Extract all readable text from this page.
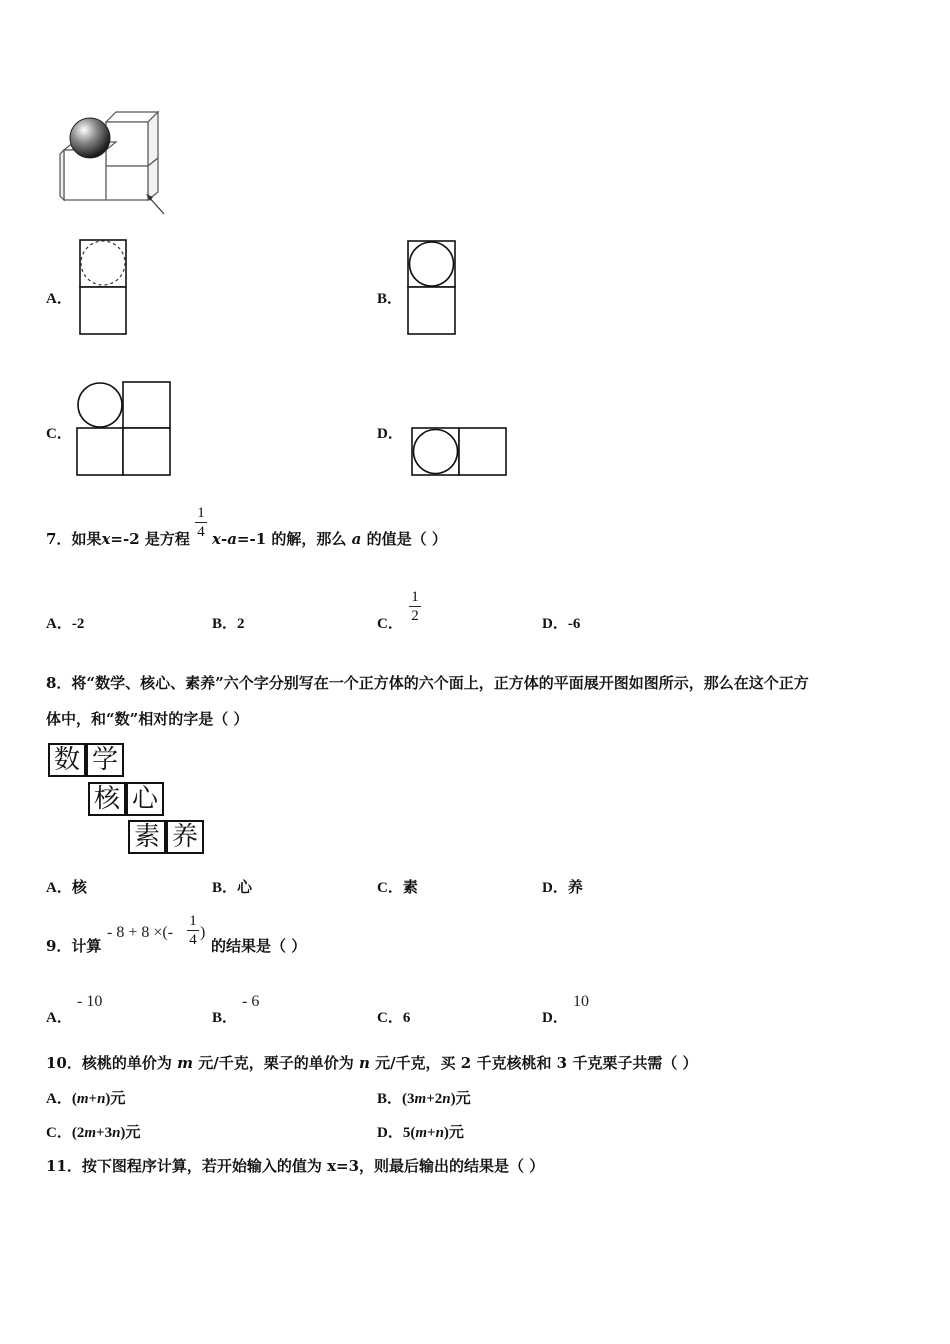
A．	B．
C．	D．
7．如果x=-2 是方程
1
4 x-a=-1 的解，那么 a 的值是（ ）
A．-2	B．2	C．
1
2	D．-6
8．将“数学、核心、素养”六个字分别写在一个正方体的六个面上，正方体的平面展开图如图所示，那么在这个正方
体中，和“数”相对的字是（ ）
数 学
核 心
素 养
A．核	B．心	C．素	D．养
9．计算
- 8 + 8 ×(-
1
4 )
的结果是（ ）
A．
- 10
B．
- 6
C．6	D．
10
10．核桃的单价为 m 元/千克，栗子的单价为 n 元/千克，买 2 千克核桃和 3 千克栗子共需（ ）
A．(m+n)元	B．(3m+2n)元
C．(2m+3n)元	D．5(m+n)元
11．按下图程序计算，若开始输入的值为 x=3，则最后输出的结果是（ ）
